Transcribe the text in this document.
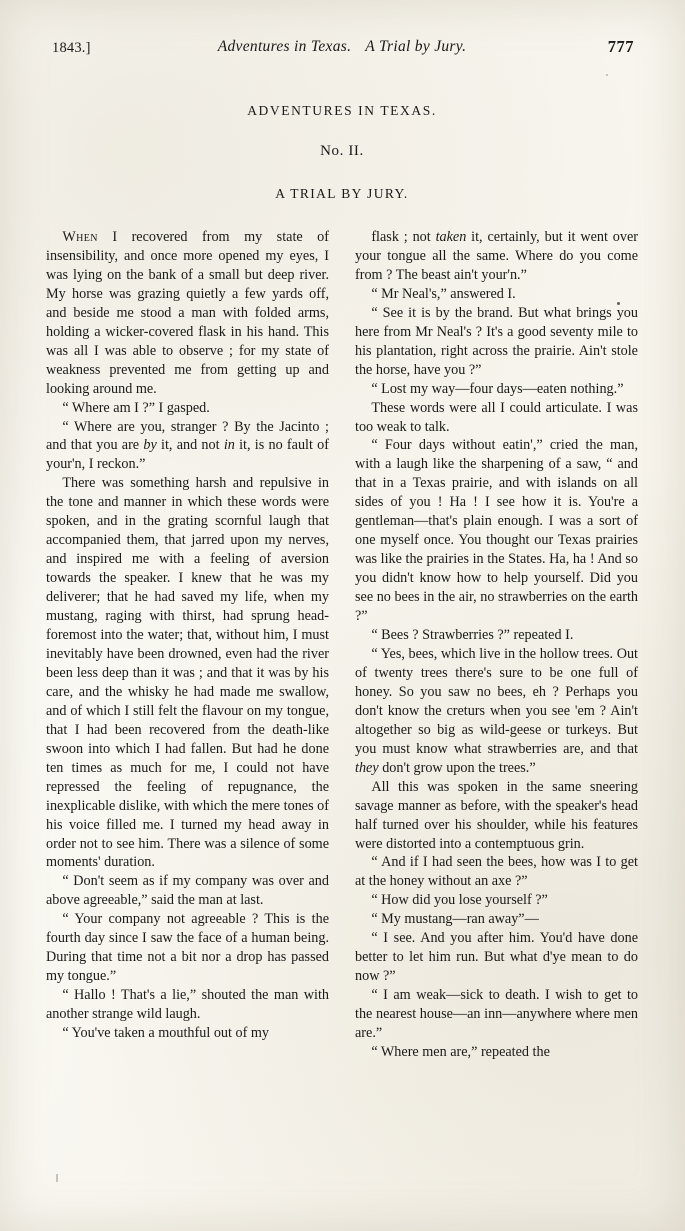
1843.]	Adventures in Texas. A Trial by Jury.	777
ADVENTURES IN TEXAS.
No. II.
A TRIAL BY JURY.

When I recovered from my state of insensibility, and once more opened my eyes, I was lying on the bank of a small but deep river. My horse was grazing quietly a few yards off, and beside me stood a man with folded arms, holding a wicker-covered flask in his hand. This was all I was able to observe ; for my state of weakness prevented me from getting up and looking around me.

“ Where am I ?” I gasped.

“ Where are you, stranger ? By the Jacinto ; and that you are by it, and not in it, is no fault of your'n, I reckon.”

There was something harsh and repulsive in the tone and manner in which these words were spoken, and in the grating scornful laugh that accompanied them, that jarred upon my nerves, and inspired me with a feeling of aversion towards the speaker. I knew that he was my deliverer; that he had saved my life, when my mustang, raging with thirst, had sprung head-foremost into the water; that, without him, I must inevitably have been drowned, even had the river been less deep than it was ; and that it was by his care, and the whisky he had made me swallow, and of which I still felt the flavour on my tongue, that I had been recovered from the death-like swoon into which I had fallen. But had he done ten times as much for me, I could not have repressed the feeling of repugnance, the inexplicable dislike, with which the mere tones of his voice filled me. I turned my head away in order not to see him. There was a silence of some moments' duration.

“ Don't seem as if my company was over and above agreeable,” said the man at last.

“ Your company not agreeable ? This is the fourth day since I saw the face of a human being. During that time not a bit nor a drop has passed my tongue.”

“ Hallo ! That's a lie,” shouted the man with another strange wild laugh.

“ You've taken a mouthful out of my

flask ; not taken it, certainly, but it went over your tongue all the same. Where do you come from ? The beast ain't your'n.”

“ Mr Neal's,” answered I.

“ See it is by the brand. But what brings you here from Mr Neal's ? It's a good seventy mile to his plantation, right across the prairie. Ain't stole the horse, have you ?”

“ Lost my way—four days—eaten nothing.”

These words were all I could articulate. I was too weak to talk.

“ Four days without eatin',” cried the man, with a laugh like the sharpening of a saw, “ and that in a Texas prairie, and with islands on all sides of you ! Ha ! I see how it is. You're a gentleman—that's plain enough. I was a sort of one myself once. You thought our Texas prairies was like the prairies in the States. Ha, ha ! And so you didn't know how to help yourself. Did you see no bees in the air, no strawberries on the earth ?”

“ Bees ? Strawberries ?” repeated I.

“ Yes, bees, which live in the hollow trees. Out of twenty trees there's sure to be one full of honey. So you saw no bees, eh ? Perhaps you don't know the creturs when you see 'em ? Ain't altogether so big as wild-geese or turkeys. But you must know what strawberries are, and that they don't grow upon the trees.”

All this was spoken in the same sneering savage manner as before, with the speaker's head half turned over his shoulder, while his features were distorted into a contemptuous grin.

“ And if I had seen the bees, how was I to get at the honey without an axe ?”

“ How did you lose yourself ?”

“ My mustang—ran away”—

“ I see. And you after him. You'd have done better to let him run. But what d'ye mean to do now ?”

“ I am weak—sick to death. I wish to get to the nearest house—an inn—anywhere where men are.”

“ Where men are,” repeated the
